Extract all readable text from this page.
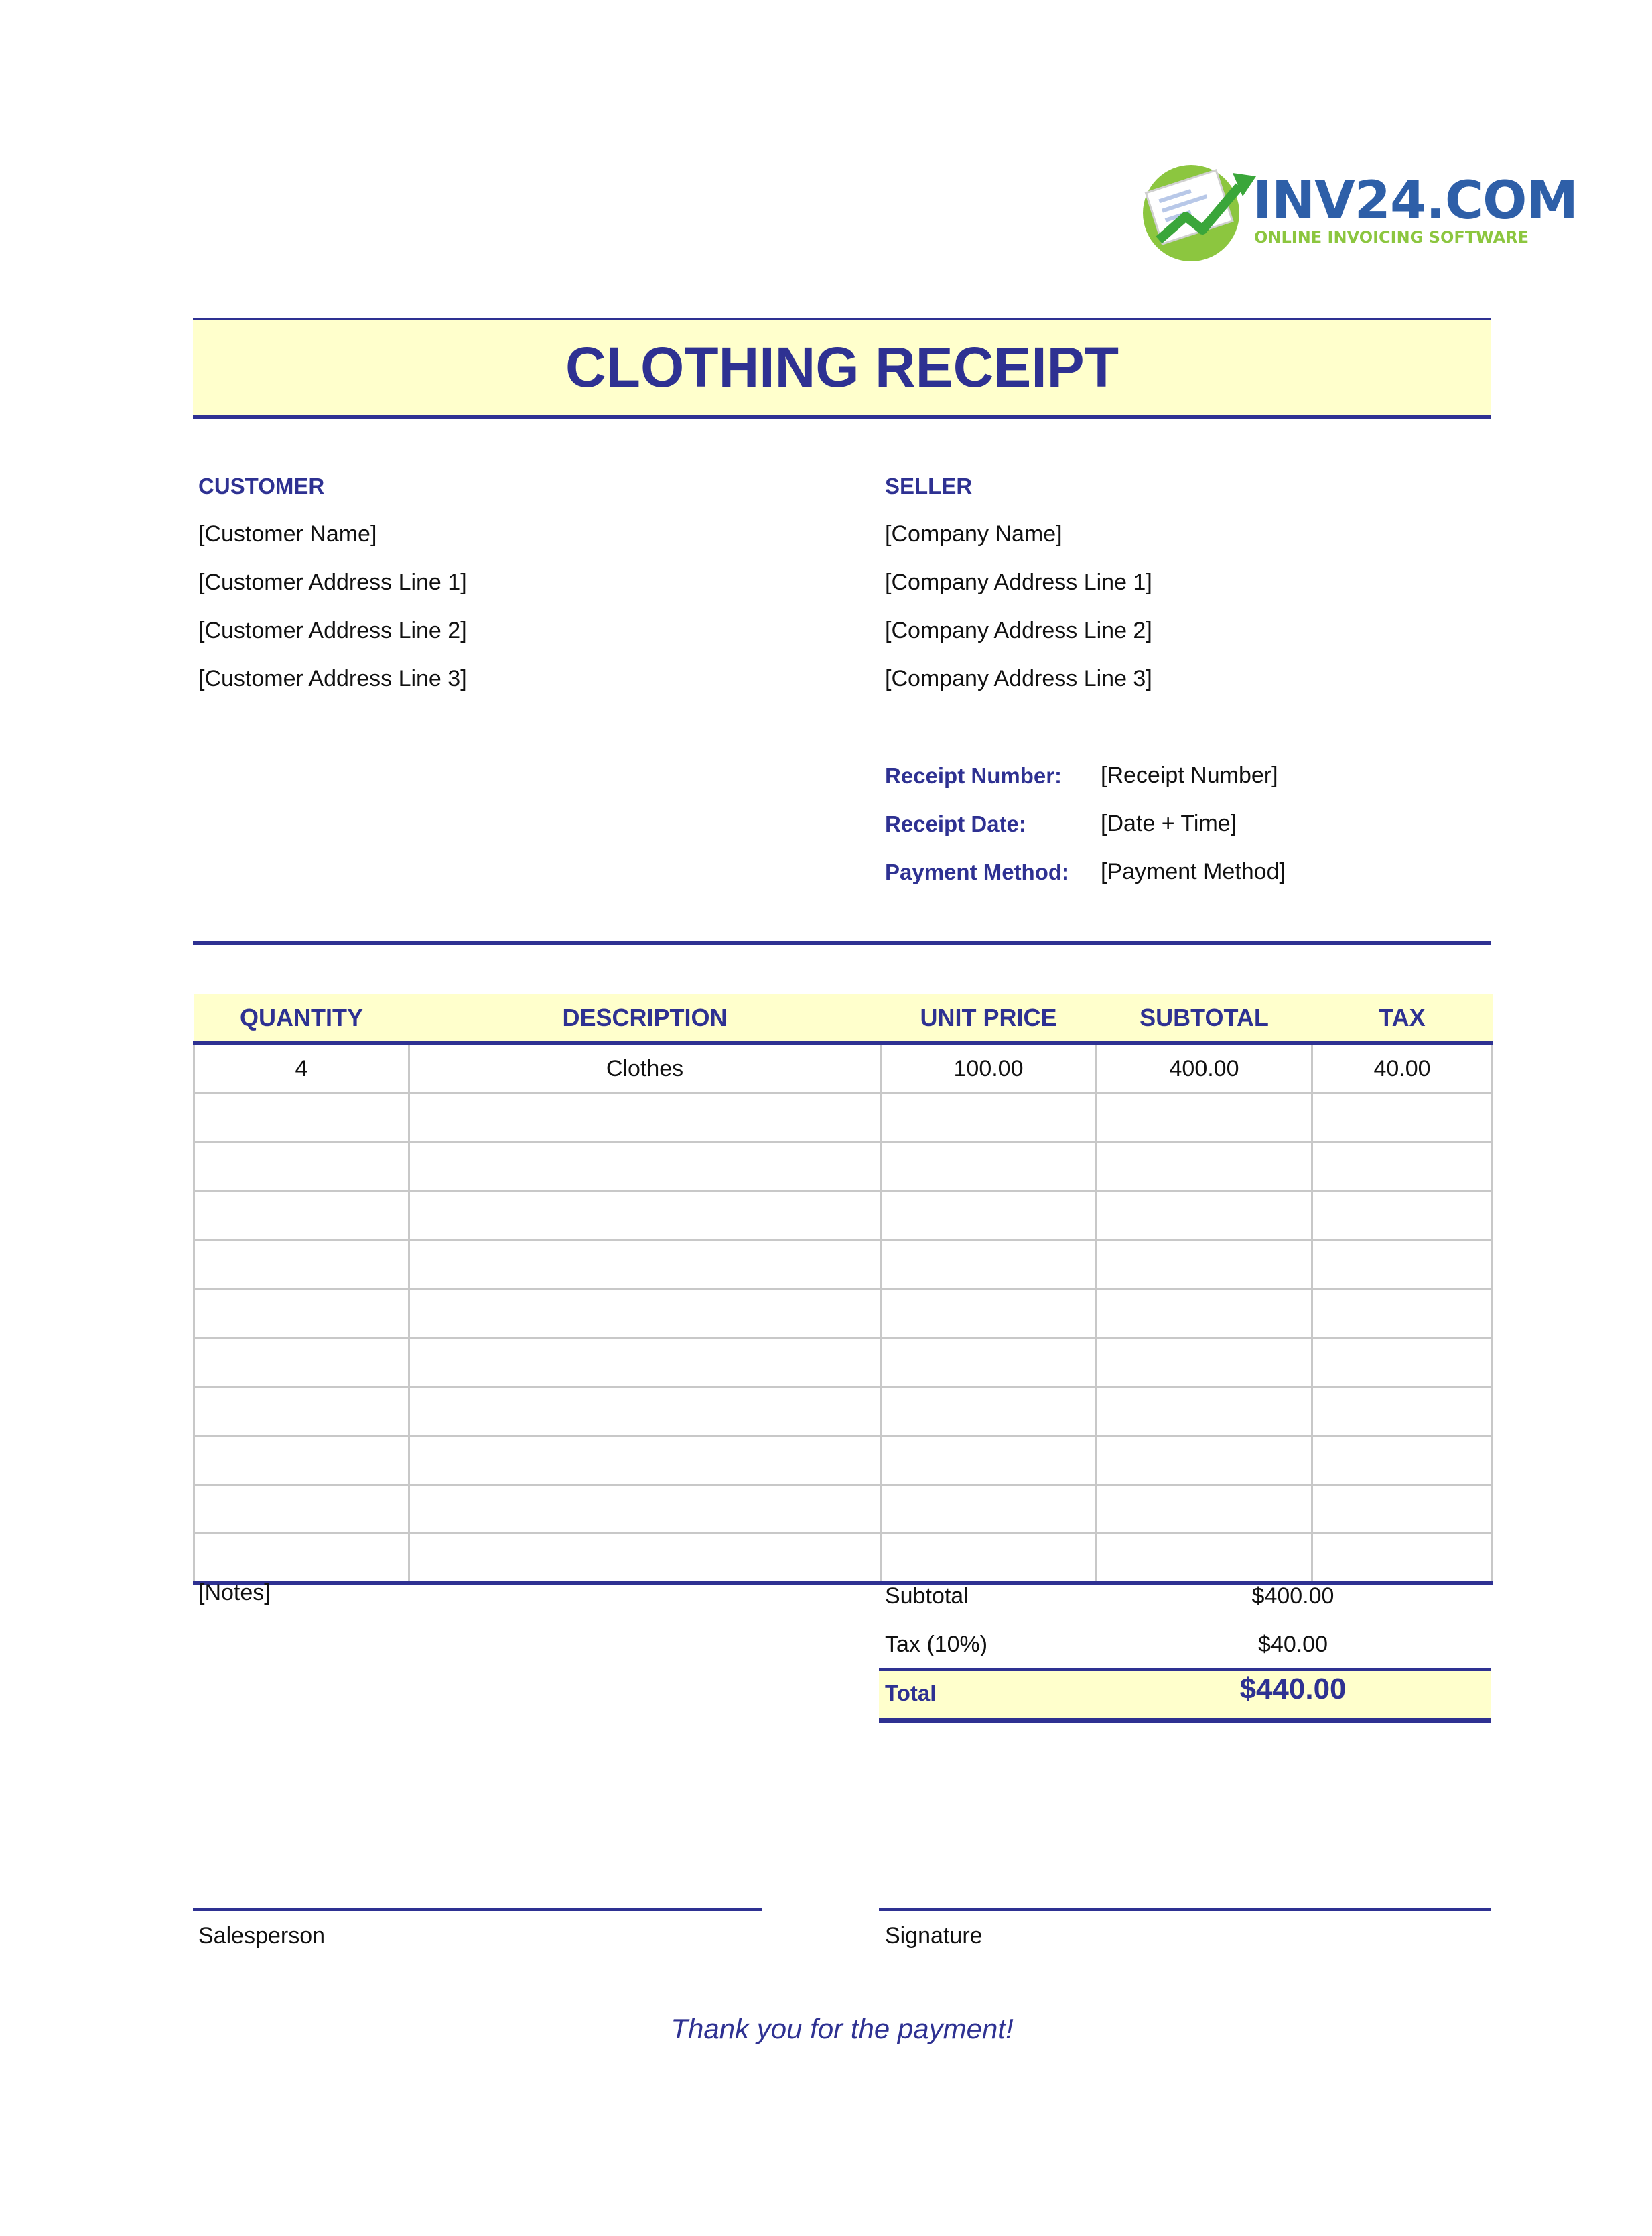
INV24.COM
ONLINE INVOICING SOFTWARE
CLOTHING RECEIPT
CUSTOMER
[Customer Name]
[Customer Address Line 1]
[Customer Address Line 2]
[Customer Address Line 3]
SELLER
[Company Name]
[Company Address Line 1]
[Company Address Line 2]
[Company Address Line 3]
Receipt Number: [Receipt Number]
Receipt Date:	[Date + Time]
Payment Method: [Payment Method]
QUANTITY	DESCRIPTION	UNIT PRICE	SUBTOTAL	TAX
4	Clothes	100.00	400.00	40.00

[Notes]	Subtotal	$400.00
Tax (10%)	$40.00
Total	$440.00
Salesperson	Signature
Thank you for the payment!
